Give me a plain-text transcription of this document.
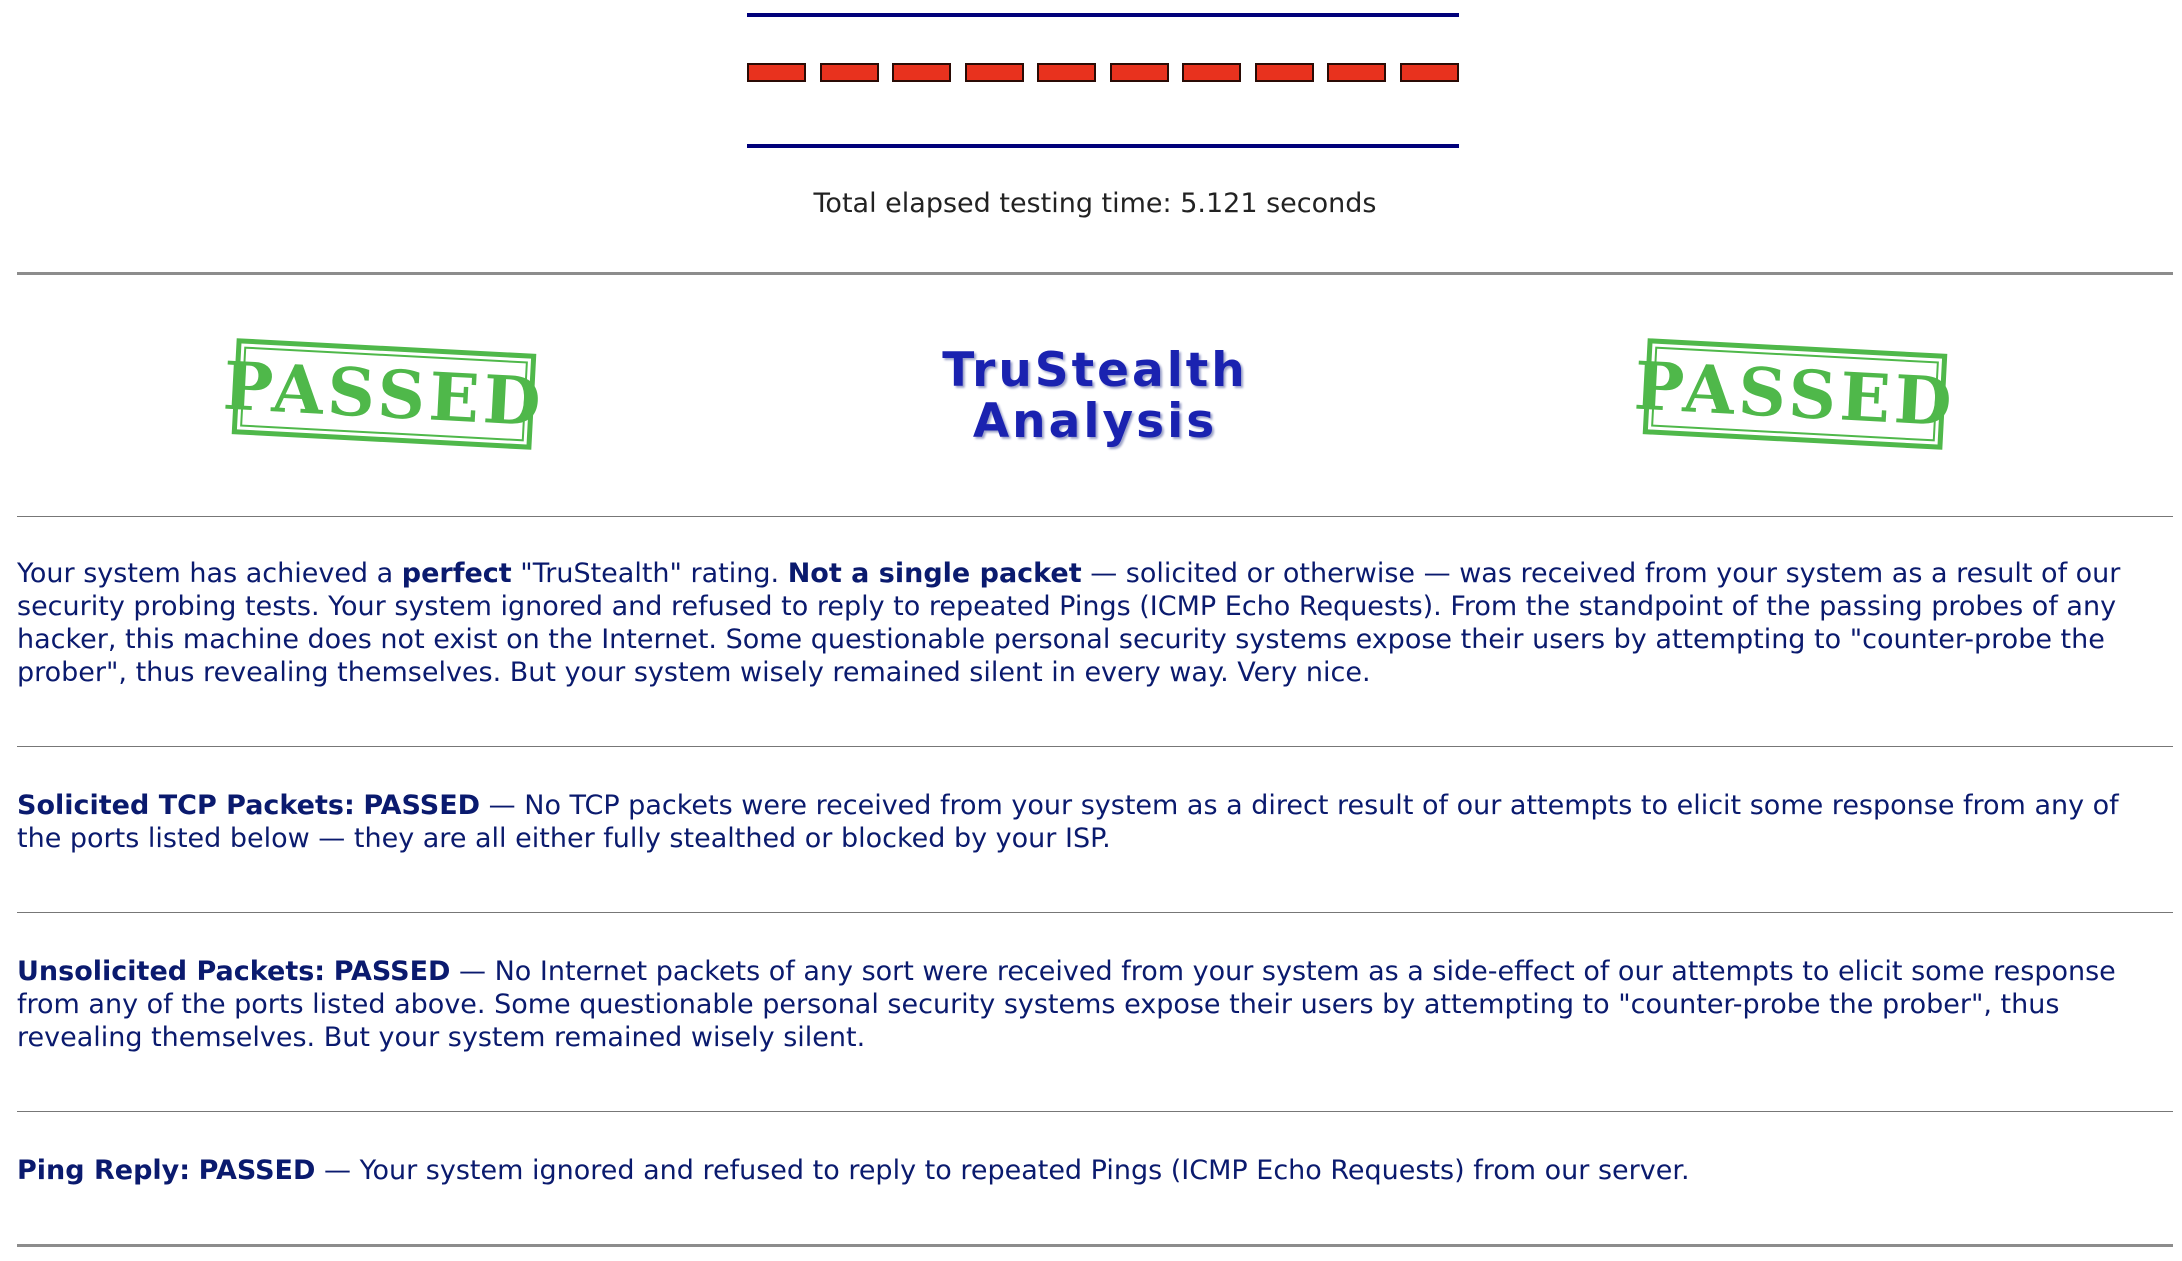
Total elapsed testing time: 5.121 seconds
PASSED	TruStealth
Analysis	PASSED
Your system has achieved a perfect "TruStealth" rating. Not a single packet — solicited or otherwise — was received from your system as a result of our security probing tests. Your system ignored and refused to reply to repeated Pings (ICMP Echo Requests). From the standpoint of the passing probes of any hacker, this machine does not exist on the Internet. Some questionable personal security systems expose their users by attempting to "counter-probe the prober", thus revealing themselves. But your system wisely remained silent in every way. Very nice.
Solicited TCP Packets: PASSED — No TCP packets were received from your system as a direct result of our attempts to elicit some response from any of the ports listed below — they are all either fully stealthed or blocked by your ISP.
Unsolicited Packets: PASSED — No Internet packets of any sort were received from your system as a side-effect of our attempts to elicit some response from any of the ports listed above. Some questionable personal security systems expose their users by attempting to "counter-probe the prober", thus revealing themselves. But your system remained wisely silent.
Ping Reply: PASSED — Your system ignored and refused to reply to repeated Pings (ICMP Echo Requests) from our server.
